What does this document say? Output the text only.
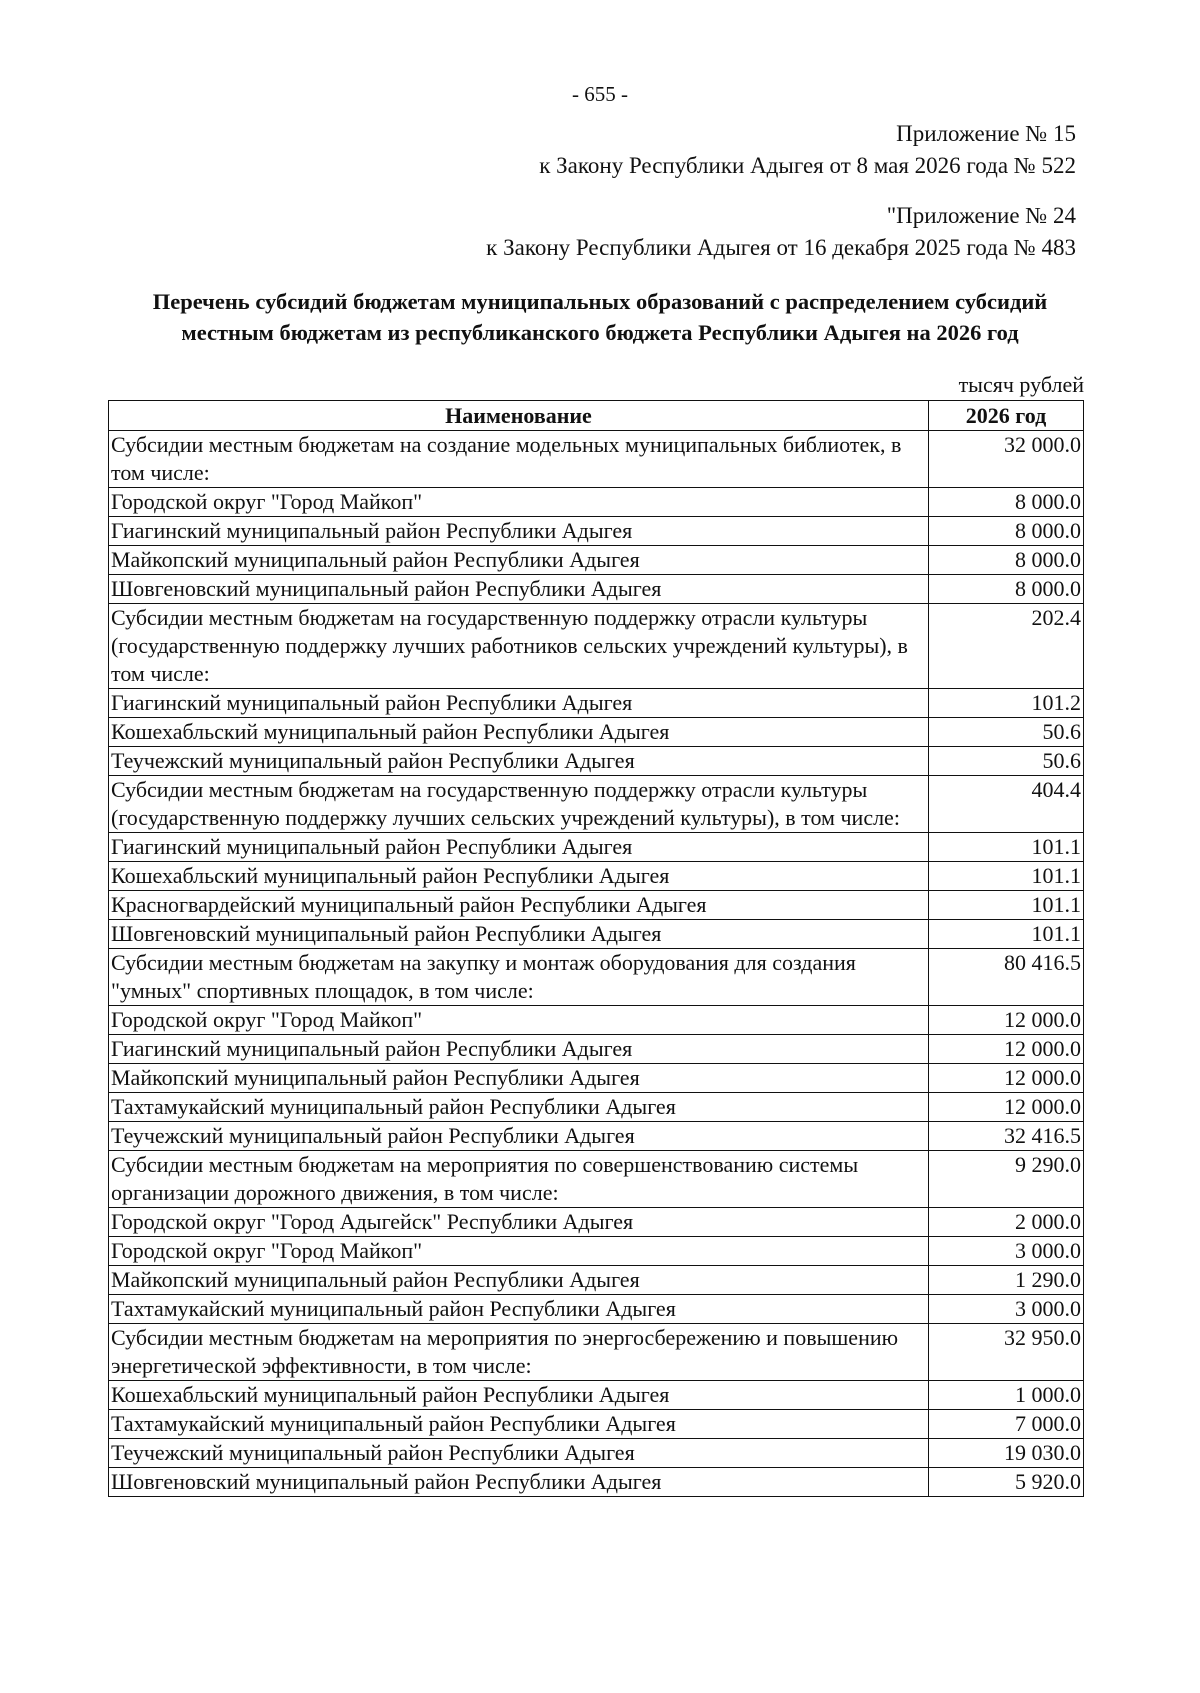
- 655 -
Приложение № 15
к Закону Республики Адыгея от 8 мая 2026 года № 522
"Приложение № 24
к Закону Республики Адыгея от 16 декабря 2025 года № 483
Перечень субсидий бюджетам муниципальных образований с распределением субсидий
местным бюджетам из республиканского бюджета Республики Адыгея на 2026 год
тысяч рублей
Наименование	2026 год
Субсидии местным бюджетам на создание модельных муниципальных библиотек, в том числе:	32 000.0
Городской округ "Город Майкоп"	8 000.0
Гиагинский муниципальный район Республики Адыгея	8 000.0
Майкопский муниципальный район Республики Адыгея	8 000.0
Шовгеновский муниципальный район Республики Адыгея	8 000.0
Субсидии местным бюджетам на государственную поддержку отрасли культуры (государственную поддержку лучших работников сельских учреждений культуры), в том числе:	202.4
Гиагинский муниципальный район Республики Адыгея	101.2
Кошехабльский муниципальный район Республики Адыгея	50.6
Теучежский муниципальный район Республики Адыгея	50.6
Субсидии местным бюджетам на государственную поддержку отрасли культуры (государственную поддержку лучших сельских учреждений культуры), в том числе:	404.4
Гиагинский муниципальный район Республики Адыгея	101.1
Кошехабльский муниципальный район Республики Адыгея	101.1
Красногвардейский муниципальный район Республики Адыгея	101.1
Шовгеновский муниципальный район Республики Адыгея	101.1
Субсидии местным бюджетам на закупку и монтаж оборудования для создания "умных" спортивных площадок, в том числе:	80 416.5
Городской округ "Город Майкоп"	12 000.0
Гиагинский муниципальный район Республики Адыгея	12 000.0
Майкопский муниципальный район Республики Адыгея	12 000.0
Тахтамукайский муниципальный район Республики Адыгея	12 000.0
Теучежский муниципальный район Республики Адыгея	32 416.5
Субсидии местным бюджетам на мероприятия по совершенствованию системы организации дорожного движения, в том числе:	9 290.0
Городской округ "Город Адыгейск" Республики Адыгея	2 000.0
Городской округ "Город Майкоп"	3 000.0
Майкопский муниципальный район Республики Адыгея	1 290.0
Тахтамукайский муниципальный район Республики Адыгея	3 000.0
Субсидии местным бюджетам на мероприятия по энергосбережению и повышению энергетической эффективности, в том числе:	32 950.0
Кошехабльский муниципальный район Республики Адыгея	1 000.0
Тахтамукайский муниципальный район Республики Адыгея	7 000.0
Теучежский муниципальный район Республики Адыгея	19 030.0
Шовгеновский муниципальный район Республики Адыгея	5 920.0
